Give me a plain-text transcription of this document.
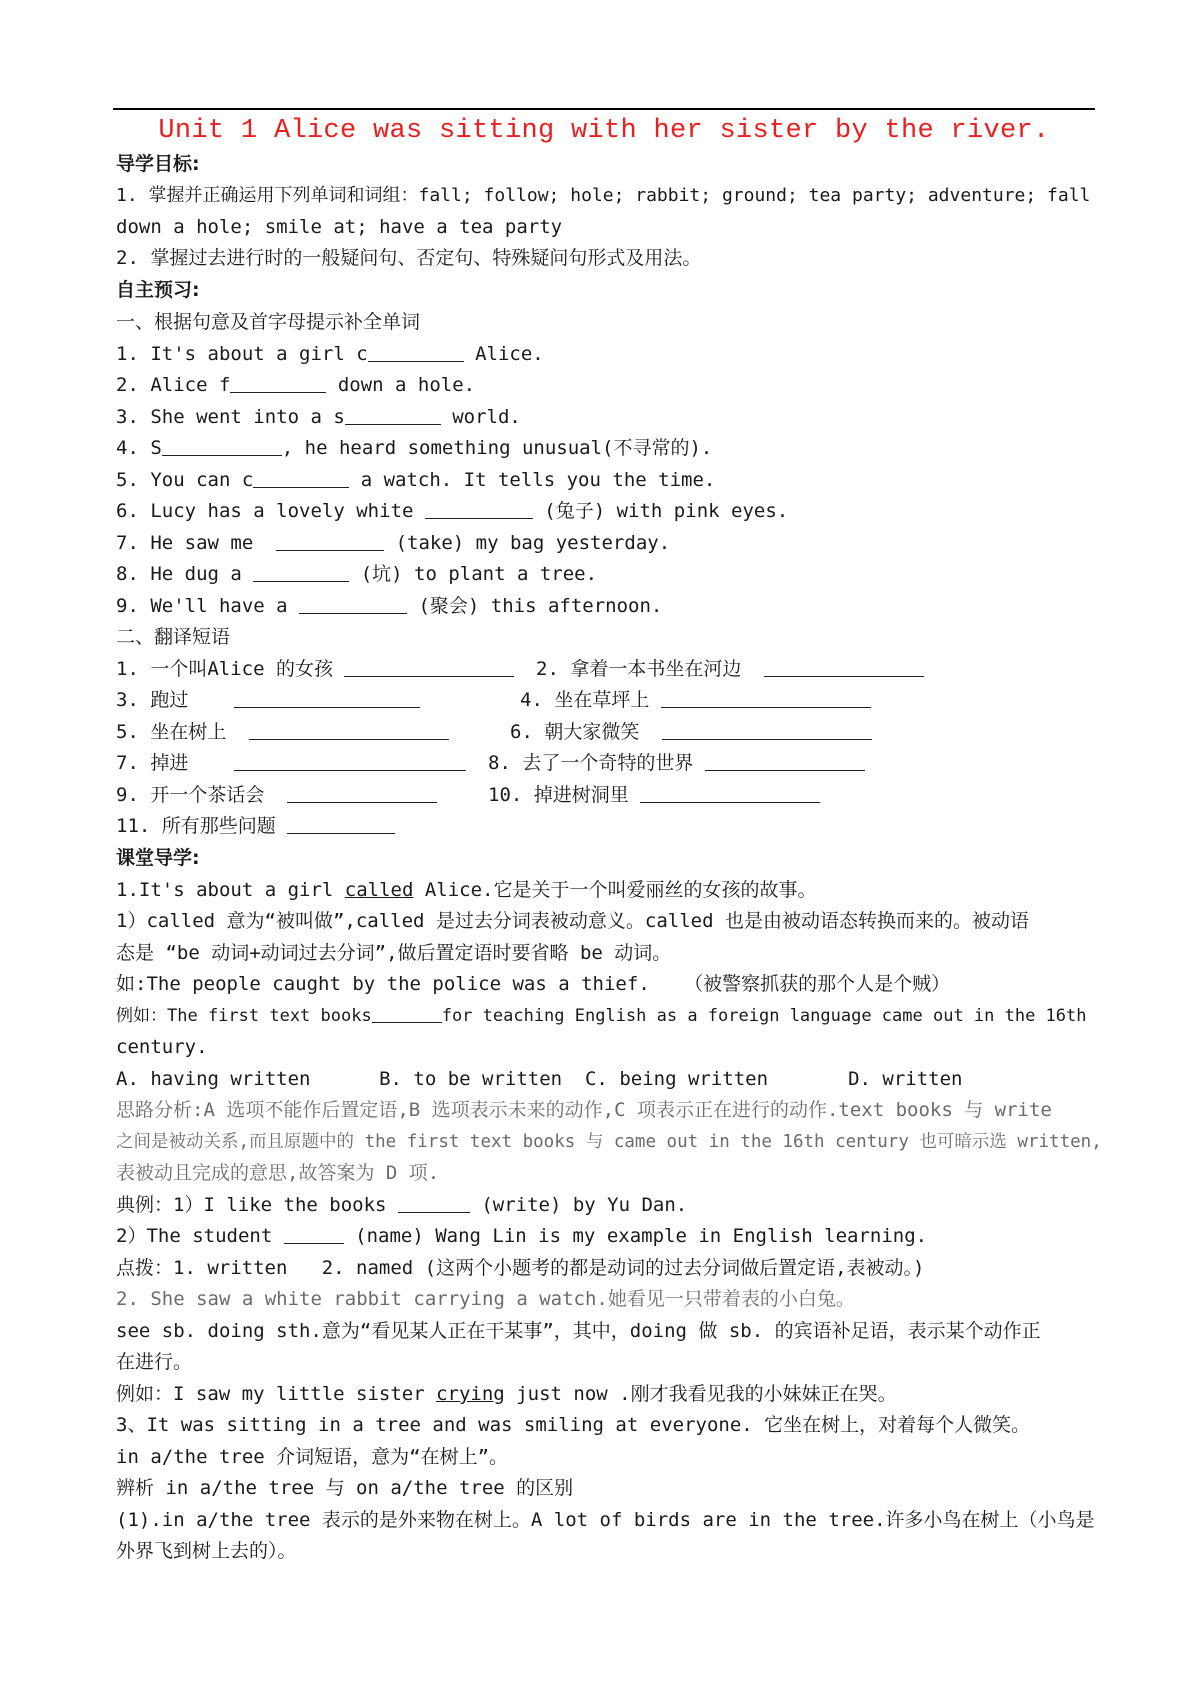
Unit 1 Alice was sitting with her sister by the river.
导学目标:
1. 掌握并正确运用下列单词和词组：fall; follow; hole; rabbit; ground; tea party; adventure; fall
down a hole; smile at; have a tea party
2. 掌握过去进行时的一般疑问句、否定句、特殊疑问句形式及用法。
自主预习:
一、根据句意及首字母提示补全单词
1. It's about a girl c	Alice.
2. Alice f	down a hole.
3. She went into a s	world.
4. S	, he heard something unusual(不寻常的).
5. You can c	a watch. It tells you the time.
6. Lucy has a lovely white	(兔子) with pink eyes.
7. He saw me	(take) my bag yesterday.
8. He dug a	(坑) to plant a tree.
9. We'll have a	(聚会) this afternoon.
二、翻译短语
1. 一个叫Alice 的女孩	2. 拿着一本书坐在河边
3. 跑过	4. 坐在草坪上
5. 坐在树上	6. 朝大家微笑
7. 掉进	8. 去了一个奇特的世界
9. 开一个茶话会	10. 掉进树洞里
11. 所有那些问题
课堂导学:
1.It's about a girl called Alice.它是关于一个叫爱丽丝的女孩的故事。
1）called 意为“被叫做”,called 是过去分词表被动意义。called 也是由被动语态转换而来的。被动语
态是 “be 动词+动词过去分词”,做后置定语时要省略 be 动词。
如:The people caught by the police was a thief.   （被警察抓获的那个人是个贼）
例如：The first text books	for teaching English as a foreign language came out in the 16th
century.
A. having written      B. to be written  C. being written       D. written
思路分析:A 选项不能作后置定语,B 选项表示未来的动作,C 项表示正在进行的动作.text books 与 write
之间是被动关系,而且原题中的 the first text books 与 came out in the 16th century 也可暗示选 written,
表被动且完成的意思,故答案为 D 项.
典例：1）I like the books	(write) by Yu Dan.
2）The student	(name) Wang Lin is my example in English learning.
点拨：1. written   2. named (这两个小题考的都是动词的过去分词做后置定语,表被动。)
2. She saw a white rabbit carrying a watch.她看见一只带着表的小白兔。
see sb. doing sth.意为“看见某人正在干某事”，其中，doing 做 sb. 的宾语补足语，表示某个动作正
在进行。
例如：I saw my little sister crying just now .刚才我看见我的小妹妹正在哭。
3、It was sitting in a tree and was smiling at everyone. 它坐在树上，对着每个人微笑。
in a/the tree 介词短语，意为“在树上”。
辨析 in a/the tree 与 on a/the tree 的区别
(1).in a/the tree 表示的是外来物在树上。A lot of birds are in the tree.许多小鸟在树上（小鸟是
外界飞到树上去的）。
